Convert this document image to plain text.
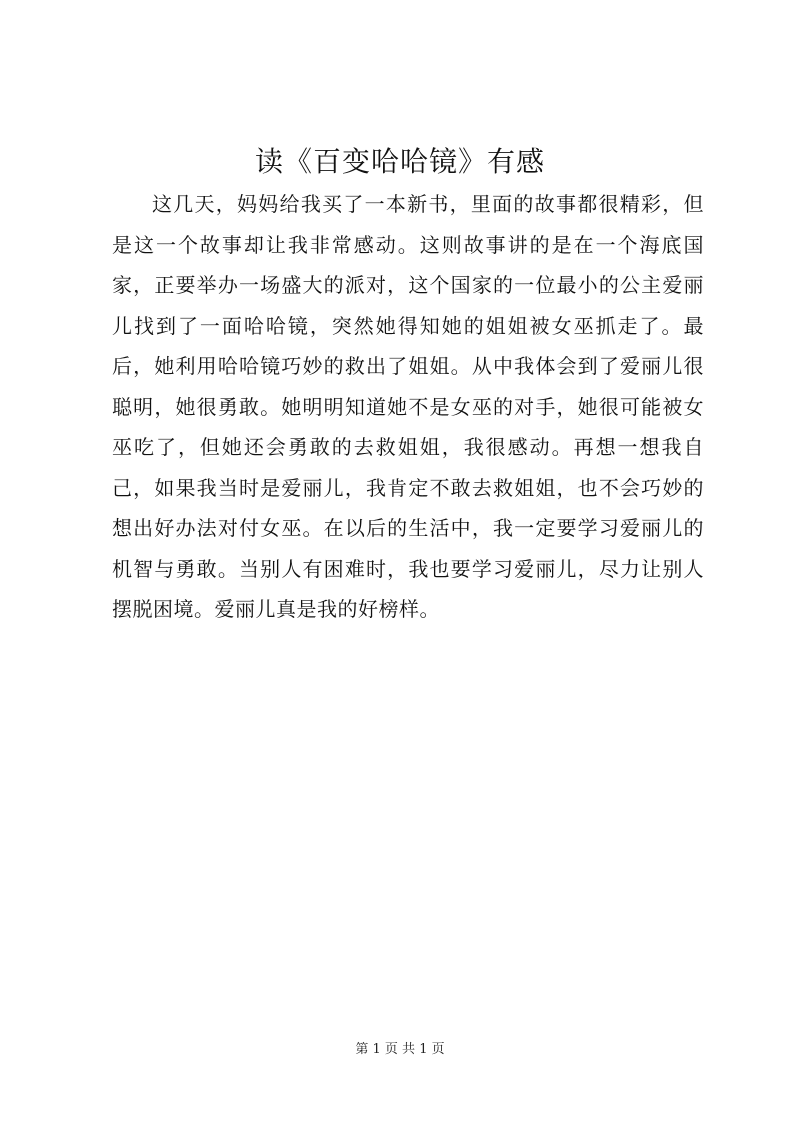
读《百变哈哈镜》有感

这几天，妈妈给我买了一本新书，里面的故事都很精彩，但是这一个故事却让我非常感动。这则故事讲的是在一个海底国家，正要举办一场盛大的派对，这个国家的一位最小的公主爱丽儿找到了一面哈哈镜，突然她得知她的姐姐被女巫抓走了。最后，她利用哈哈镜巧妙的救出了姐姐。从中我体会到了爱丽儿很聪明，她很勇敢。她明明知道她不是女巫的对手，她很可能被女巫吃了，但她还会勇敢的去救姐姐，我很感动。再想一想我自己，如果我当时是爱丽儿，我肯定不敢去救姐姐，也不会巧妙的想出好办法对付女巫。在以后的生活中，我一定要学习爱丽儿的机智与勇敢。当别人有困难时，我也要学习爱丽儿，尽力让别人摆脱困境。爱丽儿真是我的好榜样。

第 1 页 共 1 页
